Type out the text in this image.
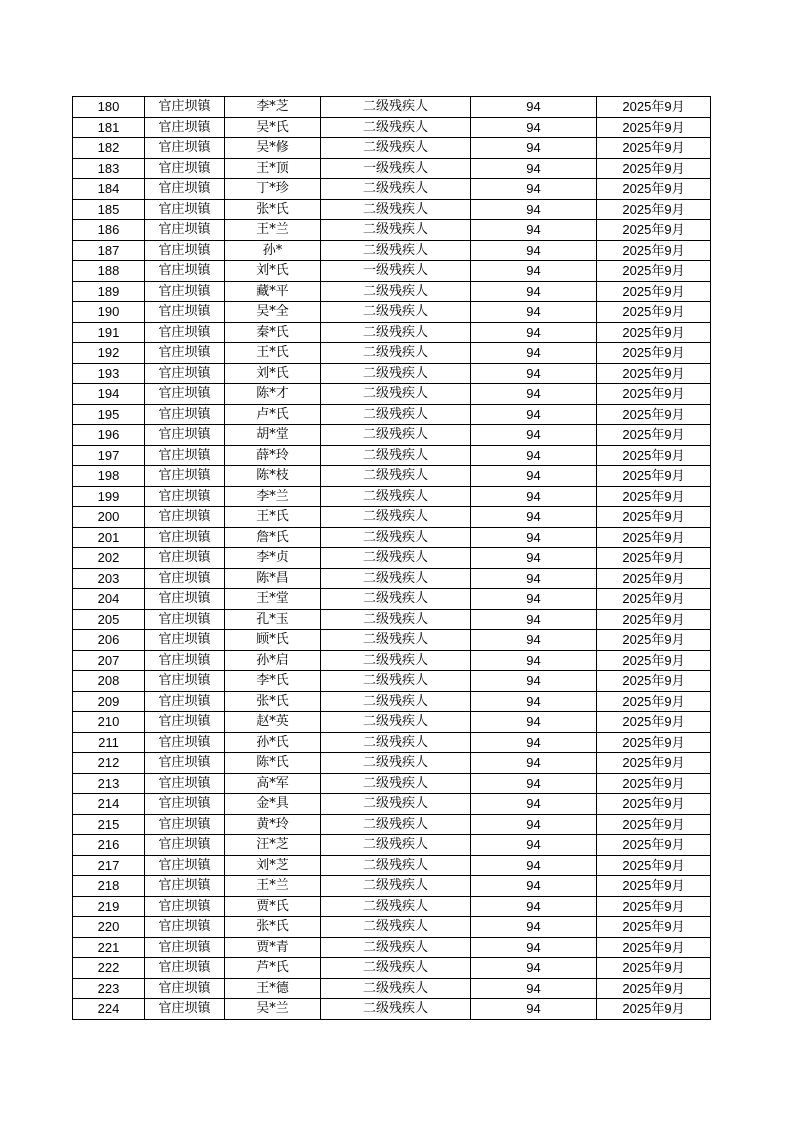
180	官庄坝镇	李*芝	二级残疾人	94	2025年9月
181	官庄坝镇	吴*氏	二级残疾人	94	2025年9月
182	官庄坝镇	吴*修	二级残疾人	94	2025年9月
183	官庄坝镇	王*顶	一级残疾人	94	2025年9月
184	官庄坝镇	丁*珍	二级残疾人	94	2025年9月
185	官庄坝镇	张*氏	二级残疾人	94	2025年9月
186	官庄坝镇	王*兰	二级残疾人	94	2025年9月
187	官庄坝镇	孙*	二级残疾人	94	2025年9月
188	官庄坝镇	刘*氏	一级残疾人	94	2025年9月
189	官庄坝镇	藏*平	二级残疾人	94	2025年9月
190	官庄坝镇	吴*全	二级残疾人	94	2025年9月
191	官庄坝镇	秦*氏	二级残疾人	94	2025年9月
192	官庄坝镇	王*氏	二级残疾人	94	2025年9月
193	官庄坝镇	刘*氏	二级残疾人	94	2025年9月
194	官庄坝镇	陈*才	二级残疾人	94	2025年9月
195	官庄坝镇	卢*氏	二级残疾人	94	2025年9月
196	官庄坝镇	胡*堂	二级残疾人	94	2025年9月
197	官庄坝镇	薛*玲	二级残疾人	94	2025年9月
198	官庄坝镇	陈*枝	二级残疾人	94	2025年9月
199	官庄坝镇	李*兰	二级残疾人	94	2025年9月
200	官庄坝镇	王*氏	二级残疾人	94	2025年9月
201	官庄坝镇	詹*氏	二级残疾人	94	2025年9月
202	官庄坝镇	李*贞	二级残疾人	94	2025年9月
203	官庄坝镇	陈*昌	二级残疾人	94	2025年9月
204	官庄坝镇	王*堂	二级残疾人	94	2025年9月
205	官庄坝镇	孔*玉	二级残疾人	94	2025年9月
206	官庄坝镇	顾*氏	二级残疾人	94	2025年9月
207	官庄坝镇	孙*启	二级残疾人	94	2025年9月
208	官庄坝镇	李*氏	二级残疾人	94	2025年9月
209	官庄坝镇	张*氏	二级残疾人	94	2025年9月
210	官庄坝镇	赵*英	二级残疾人	94	2025年9月
211	官庄坝镇	孙*氏	二级残疾人	94	2025年9月
212	官庄坝镇	陈*氏	二级残疾人	94	2025年9月
213	官庄坝镇	高*军	二级残疾人	94	2025年9月
214	官庄坝镇	金*具	二级残疾人	94	2025年9月
215	官庄坝镇	黄*玲	二级残疾人	94	2025年9月
216	官庄坝镇	汪*芝	二级残疾人	94	2025年9月
217	官庄坝镇	刘*芝	二级残疾人	94	2025年9月
218	官庄坝镇	王*兰	二级残疾人	94	2025年9月
219	官庄坝镇	贾*氏	二级残疾人	94	2025年9月
220	官庄坝镇	张*氏	二级残疾人	94	2025年9月
221	官庄坝镇	贾*青	二级残疾人	94	2025年9月
222	官庄坝镇	芦*氏	二级残疾人	94	2025年9月
223	官庄坝镇	王*德	二级残疾人	94	2025年9月
224	官庄坝镇	吴*兰	二级残疾人	94	2025年9月
